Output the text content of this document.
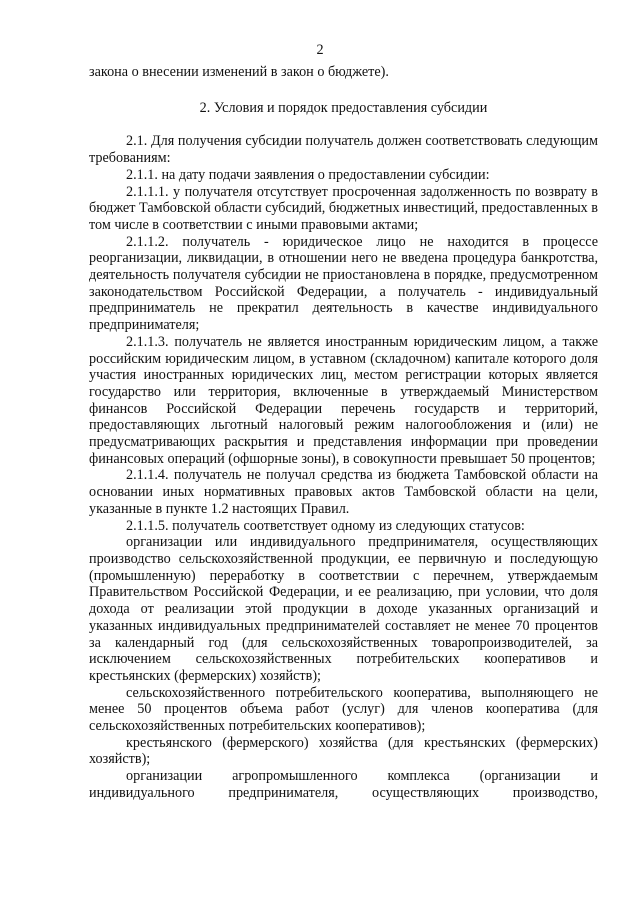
2

закона о внесении изменений в закон о бюджете).

2. Условия и порядок предоставления субсидии

2.1. Для получения субсидии получатель должен соответствовать следующим требованиям:

2.1.1. на дату подачи заявления о предоставлении субсидии:

2.1.1.1. у получателя отсутствует просроченная задолженность по возврату в бюджет Тамбовской области субсидий, бюджетных инвестиций, предоставленных в том числе в соответствии с иными правовыми актами;

2.1.1.2. получатель - юридическое лицо не находится в процессе реорганизации, ликвидации, в отношении него не введена процедура банкротства, деятельность получателя субсидии не приостановлена в порядке, предусмотренном законодательством Российской Федерации, а получатель - индивидуальный предприниматель не прекратил деятельность в качестве индивидуального предпринимателя;

2.1.1.3. получатель не является иностранным юридическим лицом, а также российским юридическим лицом, в уставном (складочном) капитале которого доля участия иностранных юридических лиц, местом регистрации которых является государство или территория, включенные в утверждаемый Министерством финансов Российской Федерации перечень государств и территорий, предоставляющих льготный налоговый режим налогообложения и (или) не предусматривающих раскрытия и представления информации при проведении финансовых операций (офшорные зоны), в совокупности превышает 50 процентов;

2.1.1.4. получатель не получал средства из бюджета Тамбовской области на основании иных нормативных правовых актов Тамбовской области на цели, указанные в пункте 1.2 настоящих Правил.

2.1.1.5. получатель соответствует одному из следующих статусов:

организации или индивидуального предпринимателя, осуществляющих производство сельскохозяйственной продукции, ее первичную и последующую (промышленную) переработку в соответствии с перечнем, утверждаемым Правительством Российской Федерации, и ее реализацию, при условии, что доля дохода от реализации этой продукции в доходе указанных организаций и указанных индивидуальных предпринимателей составляет не менее 70 процентов за календарный год (для сельскохозяйственных товаропроизводителей, за исключением сельскохозяйственных потребительских кооперативов и крестьянских (фермерских) хозяйств);

сельскохозяйственного потребительского кооператива, выполняющего не менее 50 процентов объема работ (услуг) для членов кооператива (для сельскохозяйственных потребительских кооперативов);

крестьянского (фермерского) хозяйства (для крестьянских (фермерских) хозяйств);

организации агропромышленного комплекса (организации и индивидуального предпринимателя, осуществляющих производство,
